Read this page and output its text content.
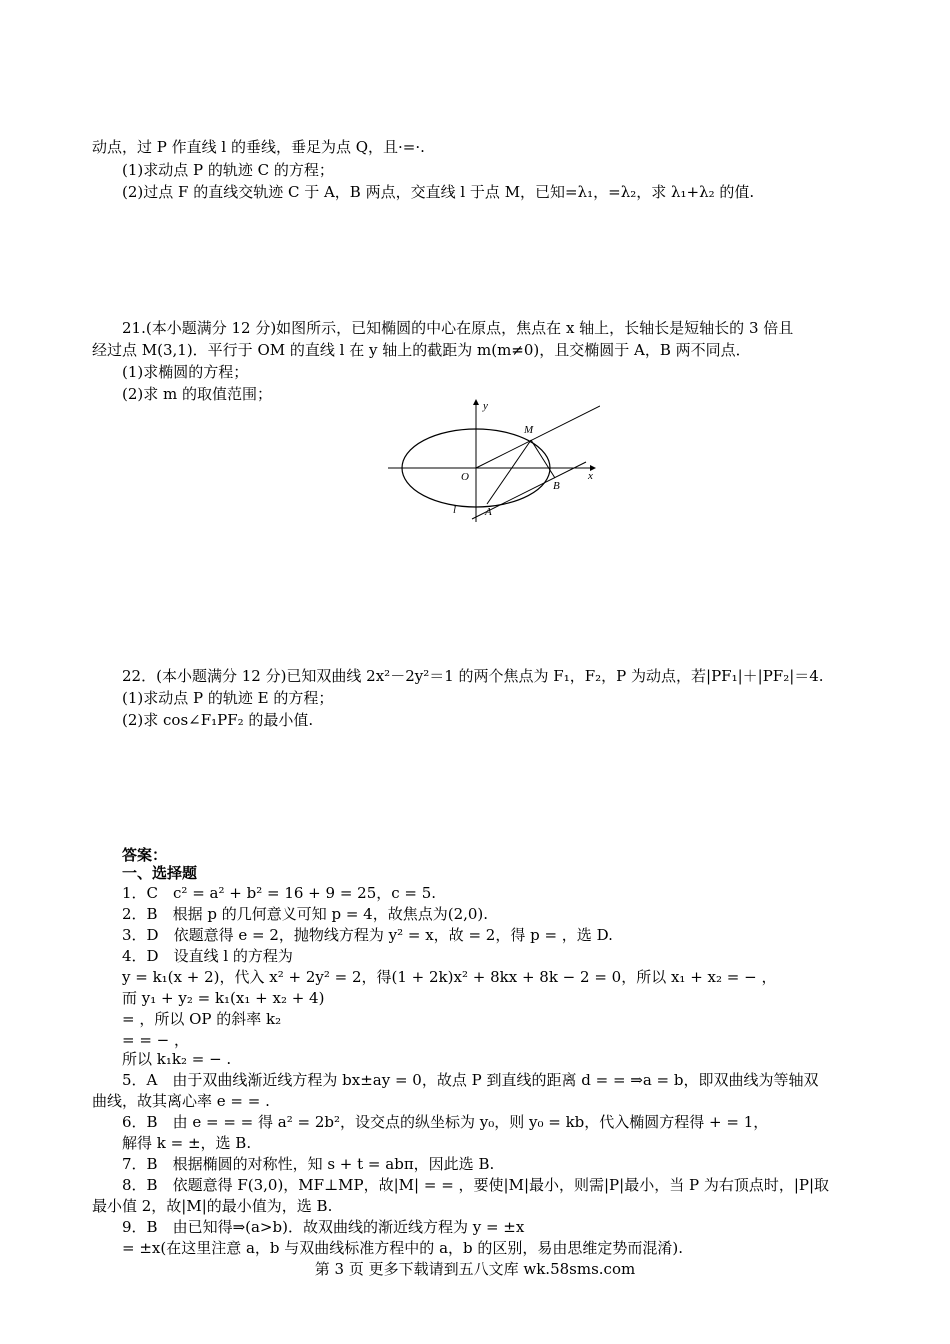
动点，过 P 作直线 l 的垂线，垂足为点 Q，且·=·.
(1)求动点 P 的轨迹 C 的方程；
(2)过点 F 的直线交轨迹 C 于 A，B 两点，交直线 l 于点 M，已知=λ₁，=λ₂，求 λ₁+λ₂ 的值.
21.(本小题满分 12 分)如图所示，已知椭圆的中心在原点，焦点在 x 轴上，长轴长是短轴长的 3 倍且
经过点 M(3,1)．平行于 OM 的直线 l 在 y 轴上的截距为 m(m≠0)，且交椭圆于 A，B 两不同点．
(1)求椭圆的方程；
(2)求 m 的取值范围；
y
x
O
M
B
A
l
22．(本小题满分 12 分)已知双曲线 2x²－2y²＝1 的两个焦点为 F₁，F₂，P 为动点，若|PF₁|＋|PF₂|＝4.
(1)求动点 P 的轨迹 E 的方程；
(2)求 cos∠F₁PF₂ 的最小值.
答案：
一、选择题
1．C　c² = a² + b² = 16 + 9 = 25，c = 5.
2．B　根据 p 的几何意义可知 p = 4，故焦点为(2,0).
3．D　依题意得 e = 2，抛物线方程为 y² = x，故 = 2，得 p = ，选 D.
4．D　设直线 l 的方程为
y = k₁(x + 2)，代入 x² + 2y² = 2，得(1 + 2k)x² + 8kx + 8k − 2 = 0，所以 x₁ + x₂ = − ，
而 y₁ + y₂ = k₁(x₁ + x₂ + 4)
= ，所以 OP 的斜率 k₂
= = − ，
所以 k₁k₂ = − .
5．A　由于双曲线渐近线方程为 bx±ay = 0，故点 P 到直线的距离 d = = ⇒a = b，即双曲线为等轴双
曲线，故其离心率 e = = .
6．B　由 e = = = 得 a² = 2b²，设交点的纵坐标为 y₀，则 y₀ = kb，代入椭圆方程得 + = 1，
解得 k = ±，选 B.
7．B　根据椭圆的对称性，知 s + t = abπ，因此选 B.
8．B　依题意得 F(3,0)，MF⊥MP，故|M| = = ，要使|M|最小，则需|P|最小，当 P 为右顶点时，|P|取
最小值 2，故|M|的最小值为，选 B.
9．B　由已知得⇒(a>b)．故双曲线的渐近线方程为 y = ±x
= ±x(在这里注意 a，b 与双曲线标准方程中的 a，b 的区别，易由思维定势而混淆).
第 3 页 更多下载请到五八文库 wk.58sms.com
